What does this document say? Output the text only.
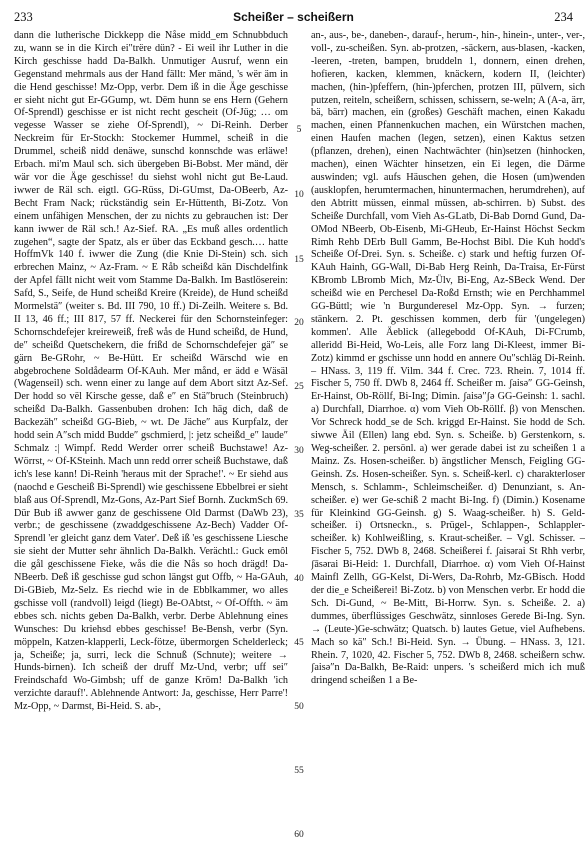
233	Scheißer – scheißern	234

dann die lutherische Dickkepp die Nåse midd_em Schnubbduch zu, wann se in die Kirch ei″trëre dün? - Ei weil ihr Luther in die Kirch geschisse hadd Da-Balkh. Unmutiger Ausruf, wenn ein Gegenstand mehrmals aus der Hand fällt: Mer mänd, 's wër äm in die Hend geschisse! Mz-Opp, verbr. Dem iß in die Äge geschisse er sieht nicht gut Er-GGump, wt. Dëm hunn se ens Hern (Gehern Of-Sprendl) geschisse er ist nicht recht gescheit (Of-Jüg; … om vegesse Wasser se ziehe Of-Sprendl), ~ Di-Reinh. Derber Neckreim für Er-Stockh: Stockemer Hummel, scheiß in die Drummel, scheiß nidd denäwe, sunschd konnschde was erläwe! Erbach. mi'm Maul sch. sich übergeben Bi-Bobst. Mer mänd, dër wär vor die Äge geschisse! du siehst wohl nicht gut Be-Laud. iwwer de Räl sch. eigtl. GG-Rüss, Di-GUmst, Da-OBeerb, Az-Becht Fram Nack; rückständig sein Er-Hüttenth, Bi-Zotz. Von einem unfähigen Menschen, der zu nichts zu gebrauchen ist: Der kann iwwer de Räl sch.! Az-Sief. RA. „Es muß alles ordentlich zugehen“, sagte der Spatz, als er über das Eckband gesch.… hatte HoffmVk 140 f. iwwer die Zung (die Knie Di-Stein) sch. sich erbrechen Mainz, ~ Az-Fram. ~ E Råb scheißd kän Dischdelfink der Apfel fällt nicht weit vom Stamme Da-Balkh. Im Bastlöserein: Safd, S., Seife, de Hund scheißd Kreire (Kreide), de Hund scheißd Mormelstä″ (weiter s. Bd. III 790, 10 ff.) Di-Zeilh. Weitere s. Bd. II 13, 46 ff.; III 817, 57 ff. Neckerei für den Schornsteinfeger: Schornschdefejer kreireweiß, freß wås de Hund scheißd, de Hund, de″ scheißd Quetschekern, die frißd de Schornschdefejer gä″ se gärn Be-GRohr, ~ Be-Hütt. Er scheißd Wärschd wie en abgebrochene Soldådearm Of-KAuh. Mer månd, er ädd e Wäsäl (Wagenseil) sch. wenn einer zu lange auf dem Abort sitzt Az-Sef. Der hodd so vël Kirsche gesse, daß e″ en Stä″bruch (Steinbruch) scheißd Da-Balkh. Gassenbuben drohen: Ich häg dich, daß de Backezäh″ scheißd GG-Bieb, ~ wt. De Jäche″ aus Kurpfalz, der hodd sein A″sch midd Budde″ gschmierd, |: jetz scheißd_e″ laude″ Schmalz :| Wimpf. Redd Werder orrer scheiß Buchstawe! Az-Wörrst, ~ Of-KSteinh. Mach unn redd orrer scheiß Buchstawe, daß ich's lese kann! Di-Reinh 'heraus mit der Sprache!'. ~ Er siehd aus (naochd e Gescheiß Bi-Sprendl) wie geschissene Ebbelbrei er sieht blaß aus Of-Sprendl, Mz-Gons, Az-Part Sief Bornh. ZuckmSch 69. Dür Bub iß awwer ganz de geschissene Old Darmst (DaWb 23), verbr.; de geschissene (zwaddgeschissene Az-Bech) Vadder Of-Sprendl 'er gleicht ganz dem Vater'. Deß iß 'es geschissene Liesche sie sieht der Mutter sehr ähnlich Da-Balkh. Verächtl.: Guck emôl die gål geschissene Fieke, wås die die Nås so hoch drägd! Da-NBeerb. Deß iß geschisse gud schon längst gut Offb, ~ Ha-GAuh, Di-GBieb, Mz-Selz. Es riechd wie in de Ebblkammer, wo alles gschisse voll (randvoll) leigd (liegt) Be-OAbtst, ~ Of-Offth. ~ äm ebbes sch. nichts geben Da-Balkh, verbr. Derbe Ablehnung eines Wunsches: Du kriehsd ebbes geschisse! Be-Bensh, verbr (Syn. möppeln, Katzen-klapperli, Leck-fötze, übermorgen Schelderleck; ja, Scheiße; ja, surri, leck die Schnuß (Schnute); weitere → Hunds-birnen). Ich scheiß der druff Mz-Und, verbr; uff sei″ Freindschafd Wo-Gimbsh; uff de ganze Kröm! Da-Balkh 'ich verzichte darauf!'. Ablehnende Antwort: Ja, geschisse, Herr Parre'! Mz-Opp, ~ Darmst, Bi-Heid. S. ab-,

5
10
15
20
25
30
35
40
45
50
55
60

an-, aus-, be-, daneben-, darauf-, herum-, hin-, hinein-, unter-, ver-, voll-, zu-scheißen. Syn. ab-protzen, -säckern, aus-blasen, -kacken, -leeren, -treten, bampen, bruddeln 1, donnern, einen drehen, hofieren, kacken, klemmen, knäckern, kodern II, (leichter) machen, (hin-)pfeffern, (hin-)pferchen, protzen III, pülvern, sich putzen, reiteln, scheißern, schissen, schissern, se-weln; A (A-a, ärr, bä, bärr) machen, ein (großes) Geschäft machen, einen Kakadu machen, einen Pfannenkuchen machen, ein Würstchen machen, einen Haufen machen (legen, setzen), einen Kaktus setzen (pflanzen, drehen), einen Nachtwächter (hin)setzen (hinhocken, machen), einen Wächter hinsetzen, ein Ei legen, die Därme auswinden; vgl. aufs Häuschen gehen, die Hosen (um)wenden (ausklopfen, herumtermachen, hinuntermachen, herumdrehen), auf den Abtritt müssen, einmal müssen, ab-schirren. b) Subst. des Scheiße Durchfall, vom Vieh As-GLatb, Di-Bab Dornd Gund, Da-OMod NBeerb, Ob-Eisenb, Mi-GHeub, Er-Hainst Höchst Seckm Rimh Rehb DErb Bull Gamm, Be-Hochst Bibl. Die Kuh hodd's Scheiße Of-Drei. Syn. s. Scheiße. c) stark und heftig furzen Of-KAuh Hainh, GG-Wall, Di-Bab Herg Reinh, Da-Traisa, Er-Fürst KBromb LBromb Mich, Mz-Ülv, Bi-Eng, Az-SBeck Wend. Der scheißd wie en Perchesel Da-Roßd Ernsth; wie en Perchhammel GG-Büttl; wie 'n Burgunderesel Mz-Opp. Syn. → furzen; stänkern. 2. Pt. geschissen kommen, derb für '(ungelegen) kommen'. Alle Äeblick (allegebodd Of-KAuh, Di-FCrumb, allerìdd Bi-Heid, Wo-Leis, alle Forz lang Di-Kleest, immer Bi-Zotz) kimmd er gschisse unn hodd en annere Ou″schläg Di-Reinh. – HNass. 3, 119 ff. Vilm. 344 f. Crec. 723. Rhein. 7, 1014 ff. Fischer 5, 750 ff. DWb 8, 2464 ff. Scheißer m. ʃaisə″ GG-Geinsh, Er-Hainst, Ob-Röllf, Bi-Ing; Dimin. ʃaisə″ʃə GG-Geinsh: 1. sachl. a) Durchfall, Diarrhoe. α) vom Vieh Ob-Röllf. β) von Menschen. Vor Schreck hodd_se de Sch. kriggd Er-Hainst. Sie hodd de Sch. siwwe Äil (Ellen) lang ebd. Syn. s. Scheiße. b) Gerstenkorn, s. Weg-scheißer. 2. persönl. a) wer gerade dabei ist zu scheißen 1 a Mainz. Zs. Hosen-scheißer. b) ängstlicher Mensch, Feigling GG-Geinsh. Zs. Hosen-scheißer. Syn. s. Scheiß-kerl. c) charakterloser Mensch, s. Schlamm-, Schleimscheißer. d) Denunziant, s. An-scheißer. e) wer Ge-schiß 2 macht Bi-Ing. f) (Dimin.) Kosename für Kleinkind GG-Geinsh. g) S. Waag-scheißer. h) S. Geld-scheißer. i) Ortsneckn., s. Prügel-, Schlappen-, Schlappler-scheißer. k) Kohlweißling, s. Kraut-scheißer. – Vgl. Schisser. – Fischer 5, 752. DWb 8, 2468. Scheißerei f. ʃaisərai St Rhh verbr, ʃāsərai Bi-Heid: 1. Durchfall, Diarrhoe. α) vom Vieh Of-Hainst Mainfl Zellh, GG-Kelst, Di-Wers, Da-Rohrb, Mz-GBisch. Hodd der die_e Scheißerei! Bi-Zotz. b) von Menschen verbr. Er hodd die Sch. Di-Gund, ~ Be-Mitt, Bi-Horrw. Syn. s. Scheiße. 2. a) dummes, überflüssiges Geschwätz, sinnloses Gerede Bi-Ing. Syn. → (Leute-)Ge-schwätz; Quatsch. b) lautes Getue, viel Aufhebens. Mach so kä″ Sch.! Bi-Heid. Syn. → Übung. – HNass. 3, 121. Rhein. 7, 1020, 42. Fischer 5, 752. DWb 8, 2468. scheißern schw. ʃaisə″n Da-Balkh, Be-Raid: unpers. 's scheißerd mich ich muß dringend scheißen 1 a Be-
